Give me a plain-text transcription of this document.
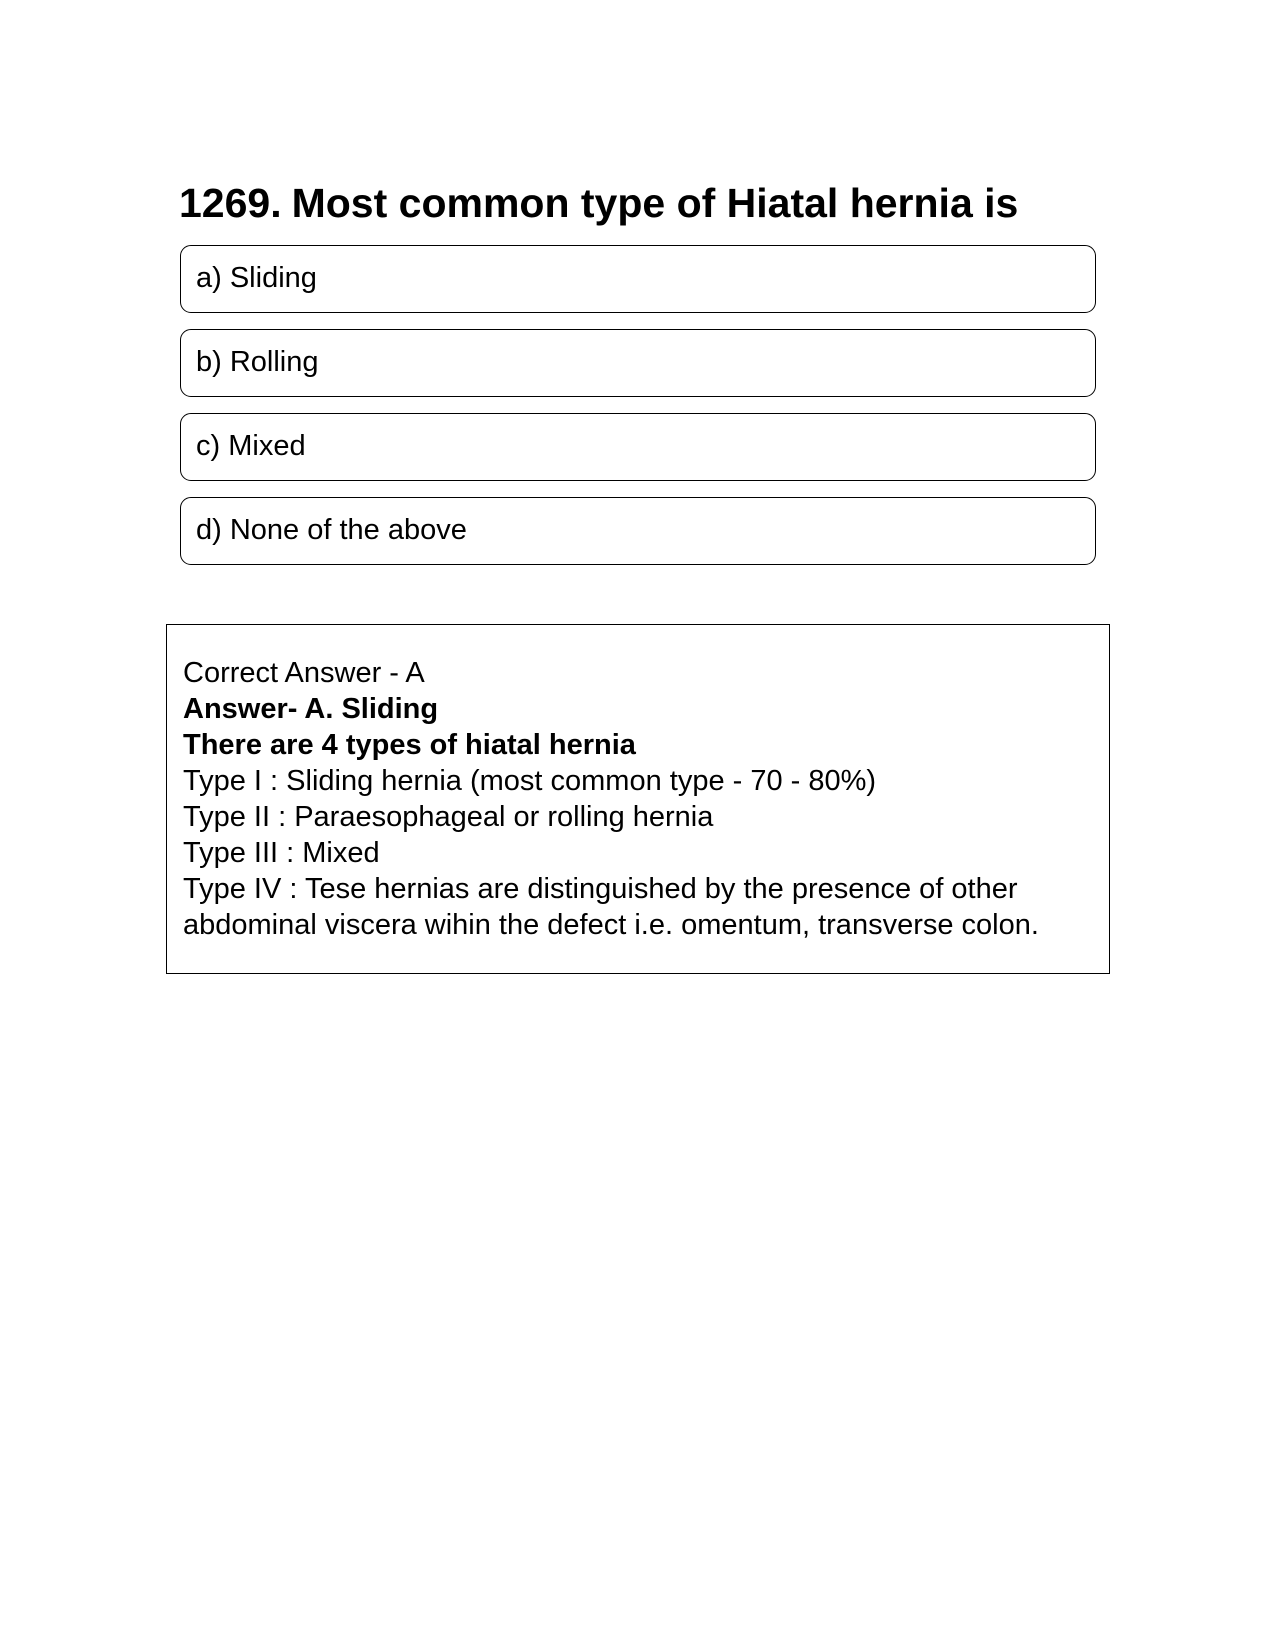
1269. Most common type of Hiatal hernia is
a) Sliding
b) Rolling
c) Mixed
d) None of the above
Correct Answer - A
Answer- A. Sliding
There are 4 types of hiatal hernia
Type I : Sliding hernia (most common type - 70 - 80%)
Type II : Paraesophageal or rolling hernia
Type III : Mixed
Type IV : Tese hernias are distinguished by the presence of other abdominal viscera wihin the defect i.e. omentum, transverse colon.
